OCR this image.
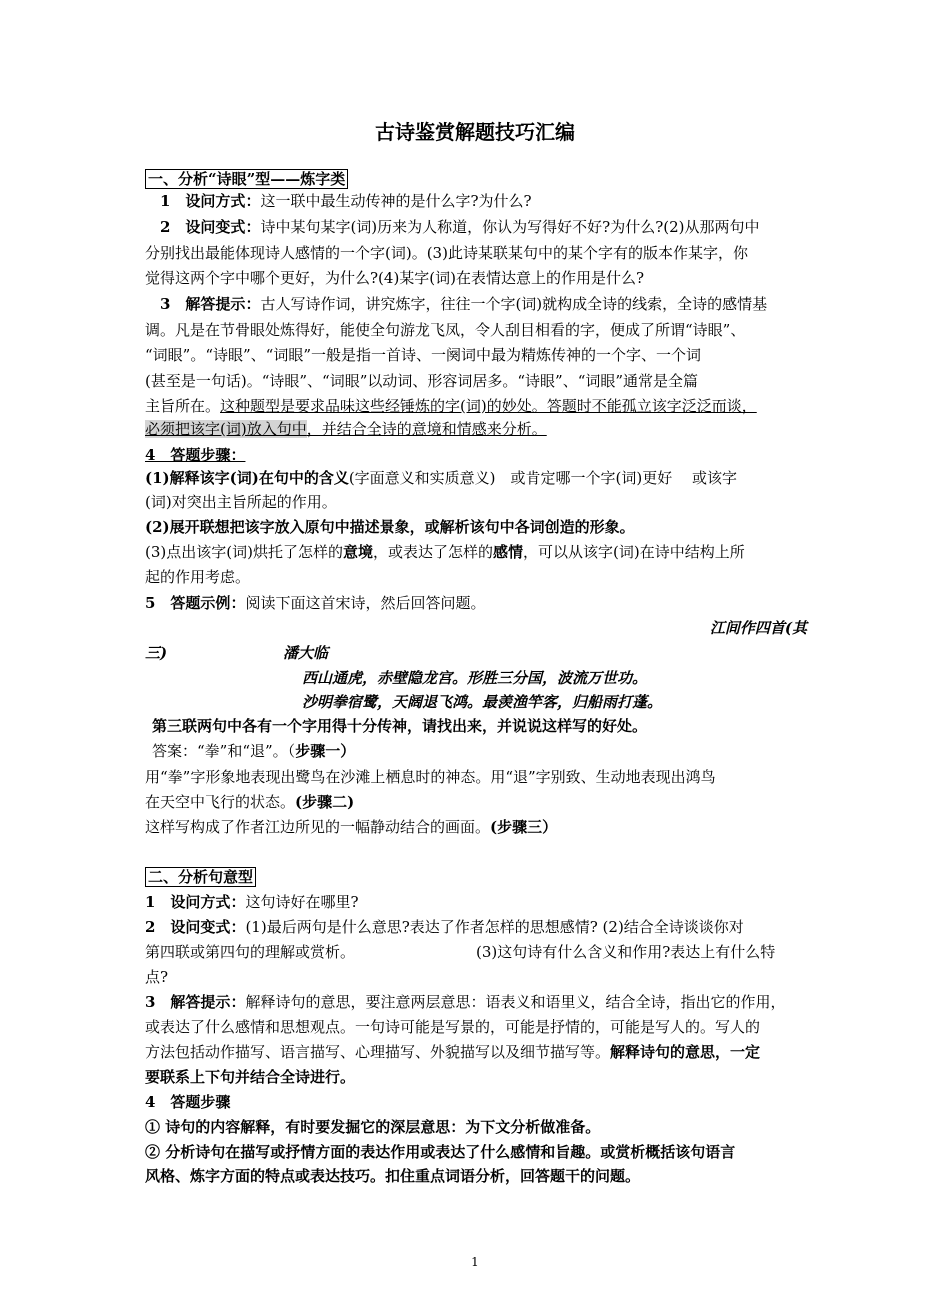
古诗鉴赏解题技巧汇编
一、分析“诗眼”型——炼字类
1　设问方式：这一联中最生动传神的是什么字?为什么?
2　设问变式：诗中某句某字(词)历来为人称道，你认为写得好不好?为什么?(2)从那两句中
分别找出最能体现诗人感情的一个字(词)。(3)此诗某联某句中的某个字有的版本作某字，你
觉得这两个字中哪个更好，为什么?(4)某字(词)在表情达意上的作用是什么?
3　解答提示：古人写诗作词，讲究炼字，往往一个字(词)就构成全诗的线索，全诗的感情基
调。凡是在节骨眼处炼得好，能使全句游龙飞凤，令人刮目相看的字，便成了所谓“诗眼”、
“词眼”。“诗眼”、“词眼”一般是指一首诗、一阕词中最为精炼传神的一个字、一个词
(甚至是一句话)。“诗眼”、“词眼”以动词、形容词居多。“诗眼”、“词眼”通常是全篇
主旨所在。这种题型是要求品味这些经锤炼的字(词)的妙处。答题时不能孤立该字泛泛而谈，
必须把该字(词)放入句中，并结合全诗的意境和情感来分析。
4　答题步骤：
(1)解释该字(词)在句中的含义(字面意义和实质意义)　或肯定哪一个字(词)更好　 或该字
(词)对突出主旨所起的作用。
(2)展开联想把该字放入原句中描述景象，或解析该句中各词创造的形象。
(3)点出该字(词)烘托了怎样的意境，或表达了怎样的感情，可以从该字(词)在诗中结构上所
起的作用考虑。
5　答题示例：阅读下面这首宋诗，然后回答问题。
江间作四首(其
三)	潘大临
西山通虎，赤壁隐龙宫。形胜三分国，波流万世功。
沙明拳宿鹭，天阔退飞鸿。最羡渔竿客，归船雨打蓬。
第三联两句中各有一个字用得十分传神，请找出来，并说说这样写的好处。
答案：“拳”和“退”。（步骤一）
用“拳”字形象地表现出鹭鸟在沙滩上栖息时的神态。用“退”字别致、生动地表现出鸿鸟
在天空中飞行的状态。(步骤二)
这样写构成了作者江边所见的一幅静动结合的画面。(步骤三）
二、分析句意型
1　设问方式：这句诗好在哪里?
2　设问变式：(1)最后两句是什么意思?表达了作者怎样的思想感情? (2)结合全诗谈谈你对
第四联或第四句的理解或赏析。	(3)这句诗有什么含义和作用?表达上有什么特
点?
3　解答提示：解释诗句的意思，要注意两层意思：语表义和语里义，结合全诗，指出它的作用，
或表达了什么感情和思想观点。一句诗可能是写景的，可能是抒情的，可能是写人的。写人的
方法包括动作描写、语言描写、心理描写、外貌描写以及细节描写等。解释诗句的意思，一定
要联系上下句并结合全诗进行。
4　答题步骤
① 诗句的内容解释，有时要发掘它的深层意思：为下文分析做准备。
② 分析诗句在描写或抒情方面的表达作用或表达了什么感情和旨趣。或赏析概括该句语言
风格、炼字方面的特点或表达技巧。扣住重点词语分析，回答题干的问题。
1
